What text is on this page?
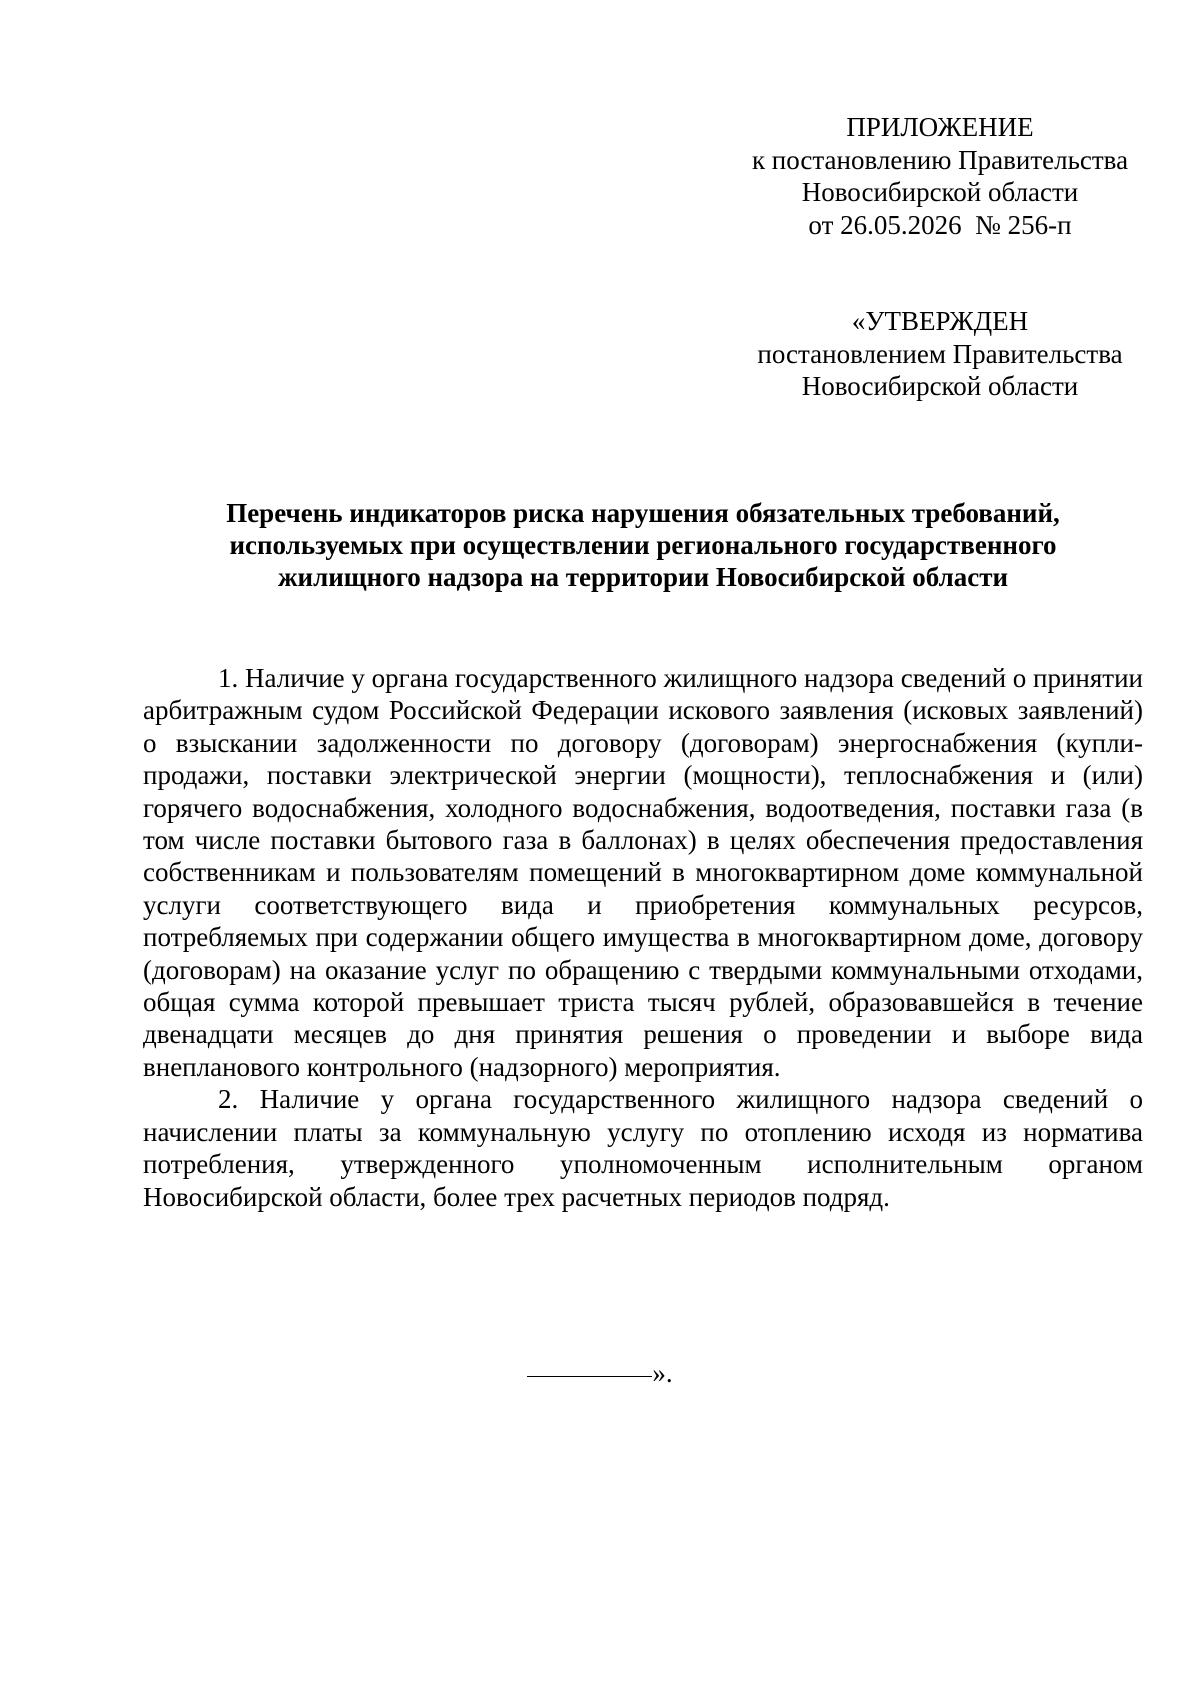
ПРИЛОЖЕНИЕ
к постановлению Правительства
Новосибирской области
от 26.05.2026  № 256-п
«УТВЕРЖДЕН
постановлением Правительства
Новосибирской области
Перечень индикаторов риска нарушения обязательных требований,
используемых при осуществлении регионального государственного
жилищного надзора на территории Новосибирской области

1. Наличие у органа государственного жилищного надзора сведений о принятии арбитражным судом Российской Федерации искового заявления (исковых заявлений) о взыскании задолженности по договору (договорам) энергоснабжения (купли-продажи, поставки электрической энергии (мощности), теплоснабжения и (или) горячего водоснабжения, холодного водоснабжения, водоотведения, поставки газа (в том числе поставки бытового газа в баллонах) в целях обеспечения предоставления собственникам и пользователям помещений в многоквартирном доме коммунальной услуги соответствующего вида и приобретения коммунальных ресурсов, потребляемых при содержании общего имущества в многоквартирном доме, договору (договорам) на оказание услуг по обращению с твердыми коммунальными отходами, общая сумма которой превышает триста тысяч рублей, образовавшейся в течение двенадцати месяцев до дня принятия решения о проведении и выборе вида внепланового контрольного (надзорного) мероприятия.

2. Наличие у органа государственного жилищного надзора сведений о начислении платы за коммунальную услугу по отоплению исходя из норматива потребления, утвержденного уполномоченным исполнительным органом Новосибирской области, более трех расчетных периодов подряд.

».
